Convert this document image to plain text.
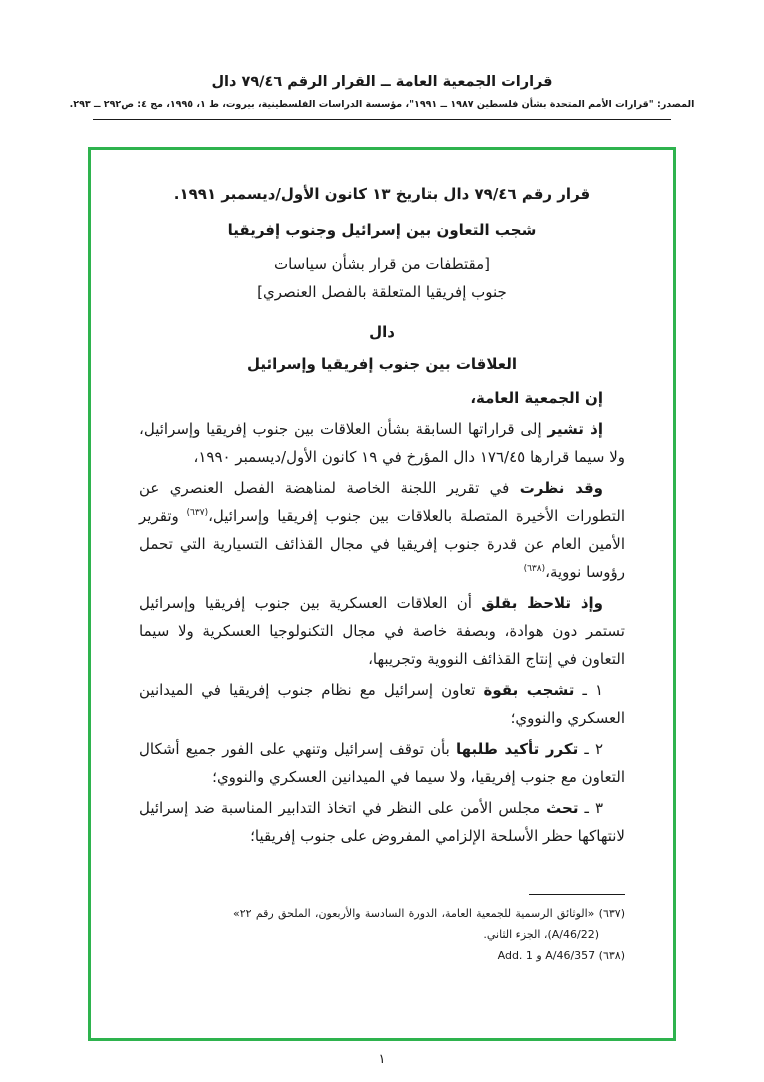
قرارات الجمعية العامة ــ القرار الرقم ٧٩/٤٦ دال
المصدر: "قرارات الأمم المتحدة بشأن فلسطين ١٩٨٧ ــ ١٩٩١"، مؤسسة الدراسات الفلسطينية، بيروت، ط ١، ١٩٩٥، مج ٤: ص٢٩٢ ــ ٢٩٣.

قرار رقم ٧٩/٤٦ دال بتاريخ ١٣ كانون الأول/ديسمبر ١٩٩١.

شجب التعاون بين إسرائيل وجنوب إفريقيا

[مقتطفات من قرار بشأن سياسات

جنوب إفريقيا المتعلقة بالفصل العنصري]

دال

العلاقات بين جنوب إفريقيا وإسرائيل

إن الجمعية العامة،

إذ تشير إلى قراراتها السابقة بشأن العلاقات بين جنوب إفريقيا وإسرائيل، ولا سيما قرارها ١٧٦/٤٥ دال المؤرخ في ١٩ كانون الأول/ديسمبر ١٩٩٠،

وقد نظرت في تقرير اللجنة الخاصة لمناهضة الفصل العنصري عن التطورات الأخيرة المتصلة بالعلاقات بين جنوب إفريقيا وإسرائيل،$^{(٦٣٧)}$ وتقرير الأمين العام عن قدرة جنوب إفريقيا في مجال القذائف التسيارية التي تحمل رؤوسا نووية،$^{(٦٣٨)}$

وإذ تلاحظ بقلق أن العلاقات العسكرية بين جنوب إفريقيا وإسرائيل تستمر دون هوادة، وبصفة خاصة في مجال التكنولوجيا العسكرية ولا سيما التعاون في إنتاج القذائف النووية وتجريبها،

١ ـ تشجب بقوة تعاون إسرائيل مع نظام جنوب إفريقيا في الميدانين العسكري والنووي؛

٢ ـ تكرر تأكيد طلبها بأن توقف إسرائيل وتنهي على الفور جميع أشكال التعاون مع جنوب إفريقيا، ولا سيما في الميدانين العسكري والنووي؛

٣ ـ تحث مجلس الأمن على النظر في اتخاذ التدابير المناسبة ضد إسرائيل لانتهاكها حظر الأسلحة الإلزامي المفروض على جنوب إفريقيا؛

(٦٣٧) «الوثائق الرسمية للجمعية العامة، الدورة السادسة والأربعون، الملحق رقم ٢٢» (A/46/22)، الجزء الثاني.

(٦٣٨) A/46/357 و Add. 1

١
